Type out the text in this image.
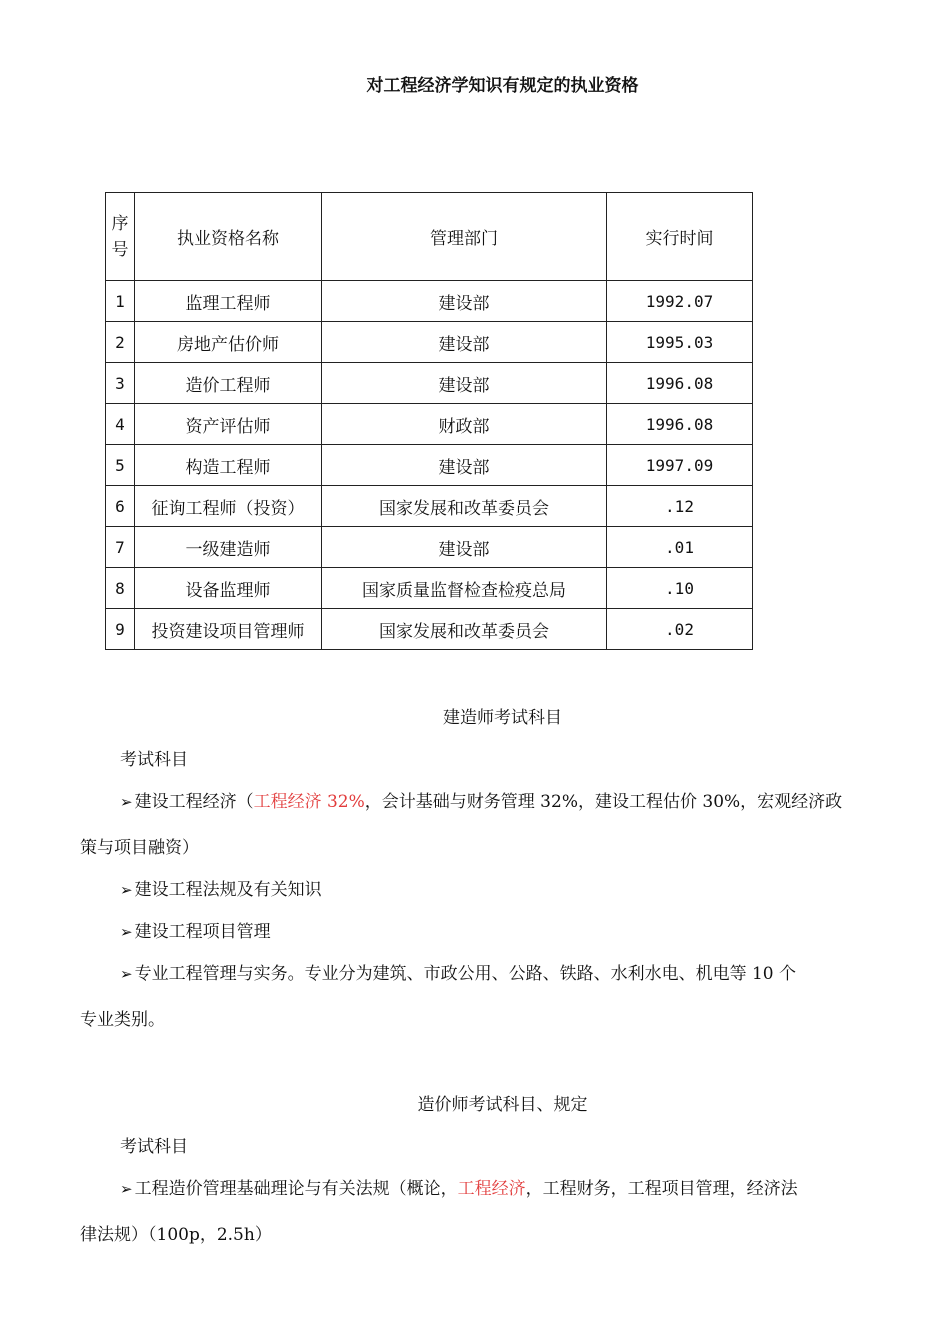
对工程经济学知识有规定的执业资格
序
号	执业资格名称	管理部门	实行时间
1	监理工程师	建设部	1992.07
2	房地产估价师	建设部	1995.03
3	造价工程师	建设部	1996.08
4	资产评估师	财政部	1996.08
5	构造工程师	建设部	1997.09
6	征询工程师（投资）	国家发展和改革委员会	.12
7	一级建造师	建设部	.01
8	设备监理师	国家质量监督检查检疫总局	.10
9	投资建设项目管理师	国家发展和改革委员会	.02
建造师考试科目
考试科目
➢ 建设工程经济（工程经济 32%，会计基础与财务管理 32%，建设工程估价 30%，宏观经济政
策与项目融资）
➢ 建设工程法规及有关知识
➢ 建设工程项目管理
➢ 专业工程管理与实务。专业分为建筑、市政公用、公路、铁路、水利水电、机电等 10 个
专业类别。
造价师考试科目、规定
考试科目
➢ 工程造价管理基础理论与有关法规（概论，工程经济，工程财务，工程项目管理，经济法
律法规）（100p，2.5h）
